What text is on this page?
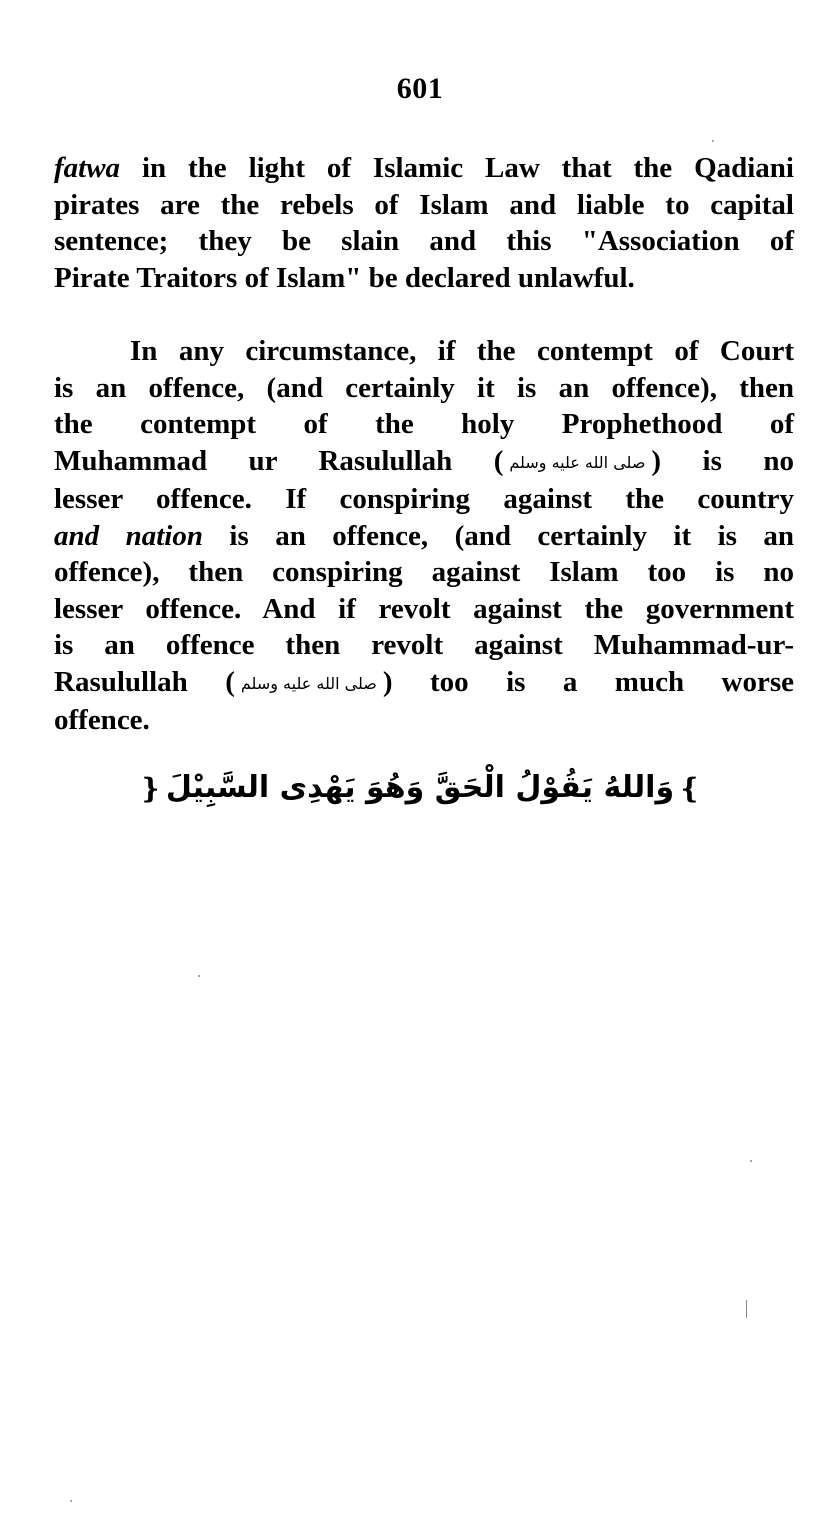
601
fatwa in the light of Islamic Law that the Qadiani
pirates are the rebels of Islam and liable to capital
sentence; they be slain and this "Association of
Pirate Traitors of Islam" be declared unlawful.
In any circumstance, if the contempt of Court
is an offence, (and certainly it is an offence), then
the contempt of the holy Prophethood of
Muhammad ur Rasulullah ( صلى الله عليه وسلم ) is no
lesser offence. If conspiring against the country
and nation is an offence, (and certainly it is an
offence), then conspiring against Islam too is no
lesser offence. And if revolt against the government
is an offence then revolt against Muhammad-ur-
Rasulullah ( صلى الله عليه وسلم ) too is a much worse
offence.
❵وَاللهُ يَقُوْلُ الْحَقَّ وَهُوَ يَهْدِى السَّبِيْلَ❴
